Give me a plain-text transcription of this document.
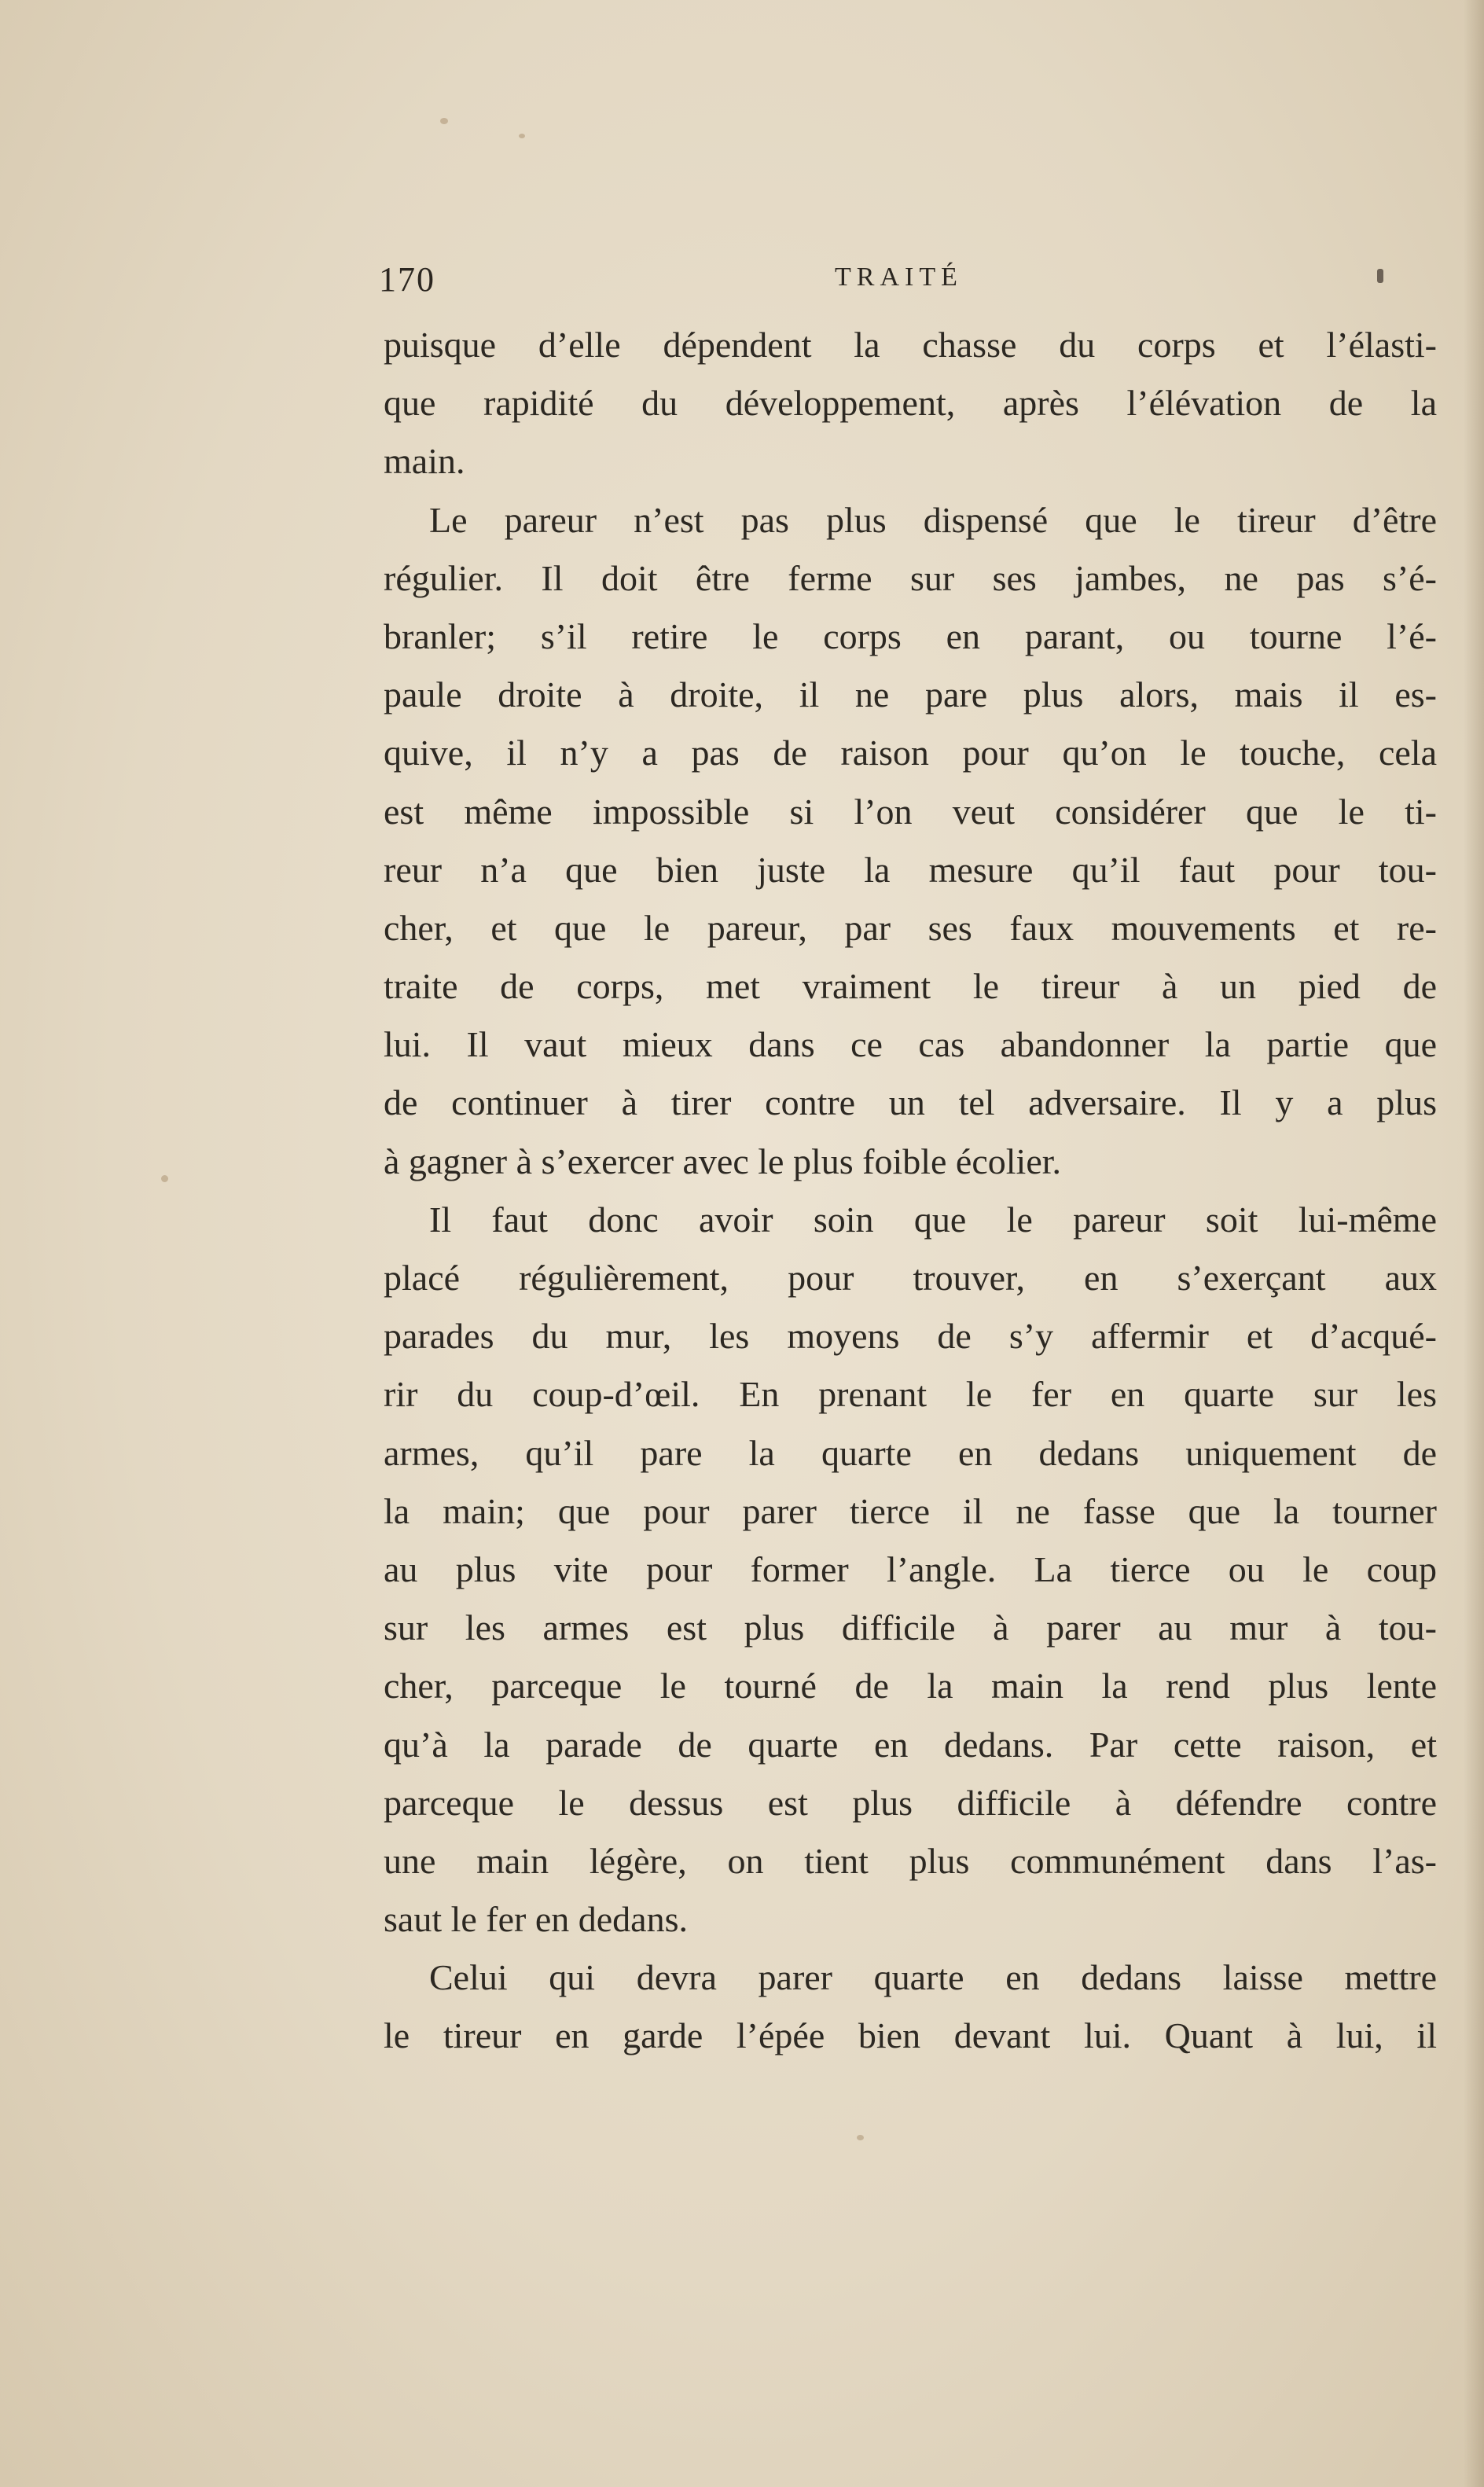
170	TRAITÉ
puisque d’elle dépendent la chasse du corps et l’élasti-
que rapidité du développement, après l’élévation de la
main.
Le pareur n’est pas plus dispensé que le tireur d’être
régulier. Il doit être ferme sur ses jambes, ne pas s’é-
branler; s’il retire le corps en parant, ou tourne l’é-
paule droite à droite, il ne pare plus alors, mais il es-
quive, il n’y a pas de raison pour qu’on le touche, cela
est même impossible si l’on veut considérer que le ti-
reur n’a que bien juste la mesure qu’il faut pour tou-
cher, et que le pareur, par ses faux mouvements et re-
traite de corps, met vraiment le tireur à un pied de
lui. Il vaut mieux dans ce cas abandonner la partie que
de continuer à tirer contre un tel adversaire. Il y a plus
à gagner à s’exercer avec le plus foible écolier.
Il faut donc avoir soin que le pareur soit lui-même
placé régulièrement, pour trouver, en s’exerçant aux
parades du mur, les moyens de s’y affermir et d’acqué-
rir du coup-d’œil. En prenant le fer en quarte sur les
armes, qu’il pare la quarte en dedans uniquement de
la main; que pour parer tierce il ne fasse que la tourner
au plus vite pour former l’angle. La tierce ou le coup
sur les armes est plus difficile à parer au mur à tou-
cher, parceque le tourné de la main la rend plus lente
qu’à la parade de quarte en dedans. Par cette raison, et
parceque le dessus est plus difficile à défendre contre
une main légère, on tient plus communément dans l’as-
saut le fer en dedans.
Celui qui devra parer quarte en dedans laisse mettre
le tireur en garde l’épée bien devant lui. Quant à lui, il
